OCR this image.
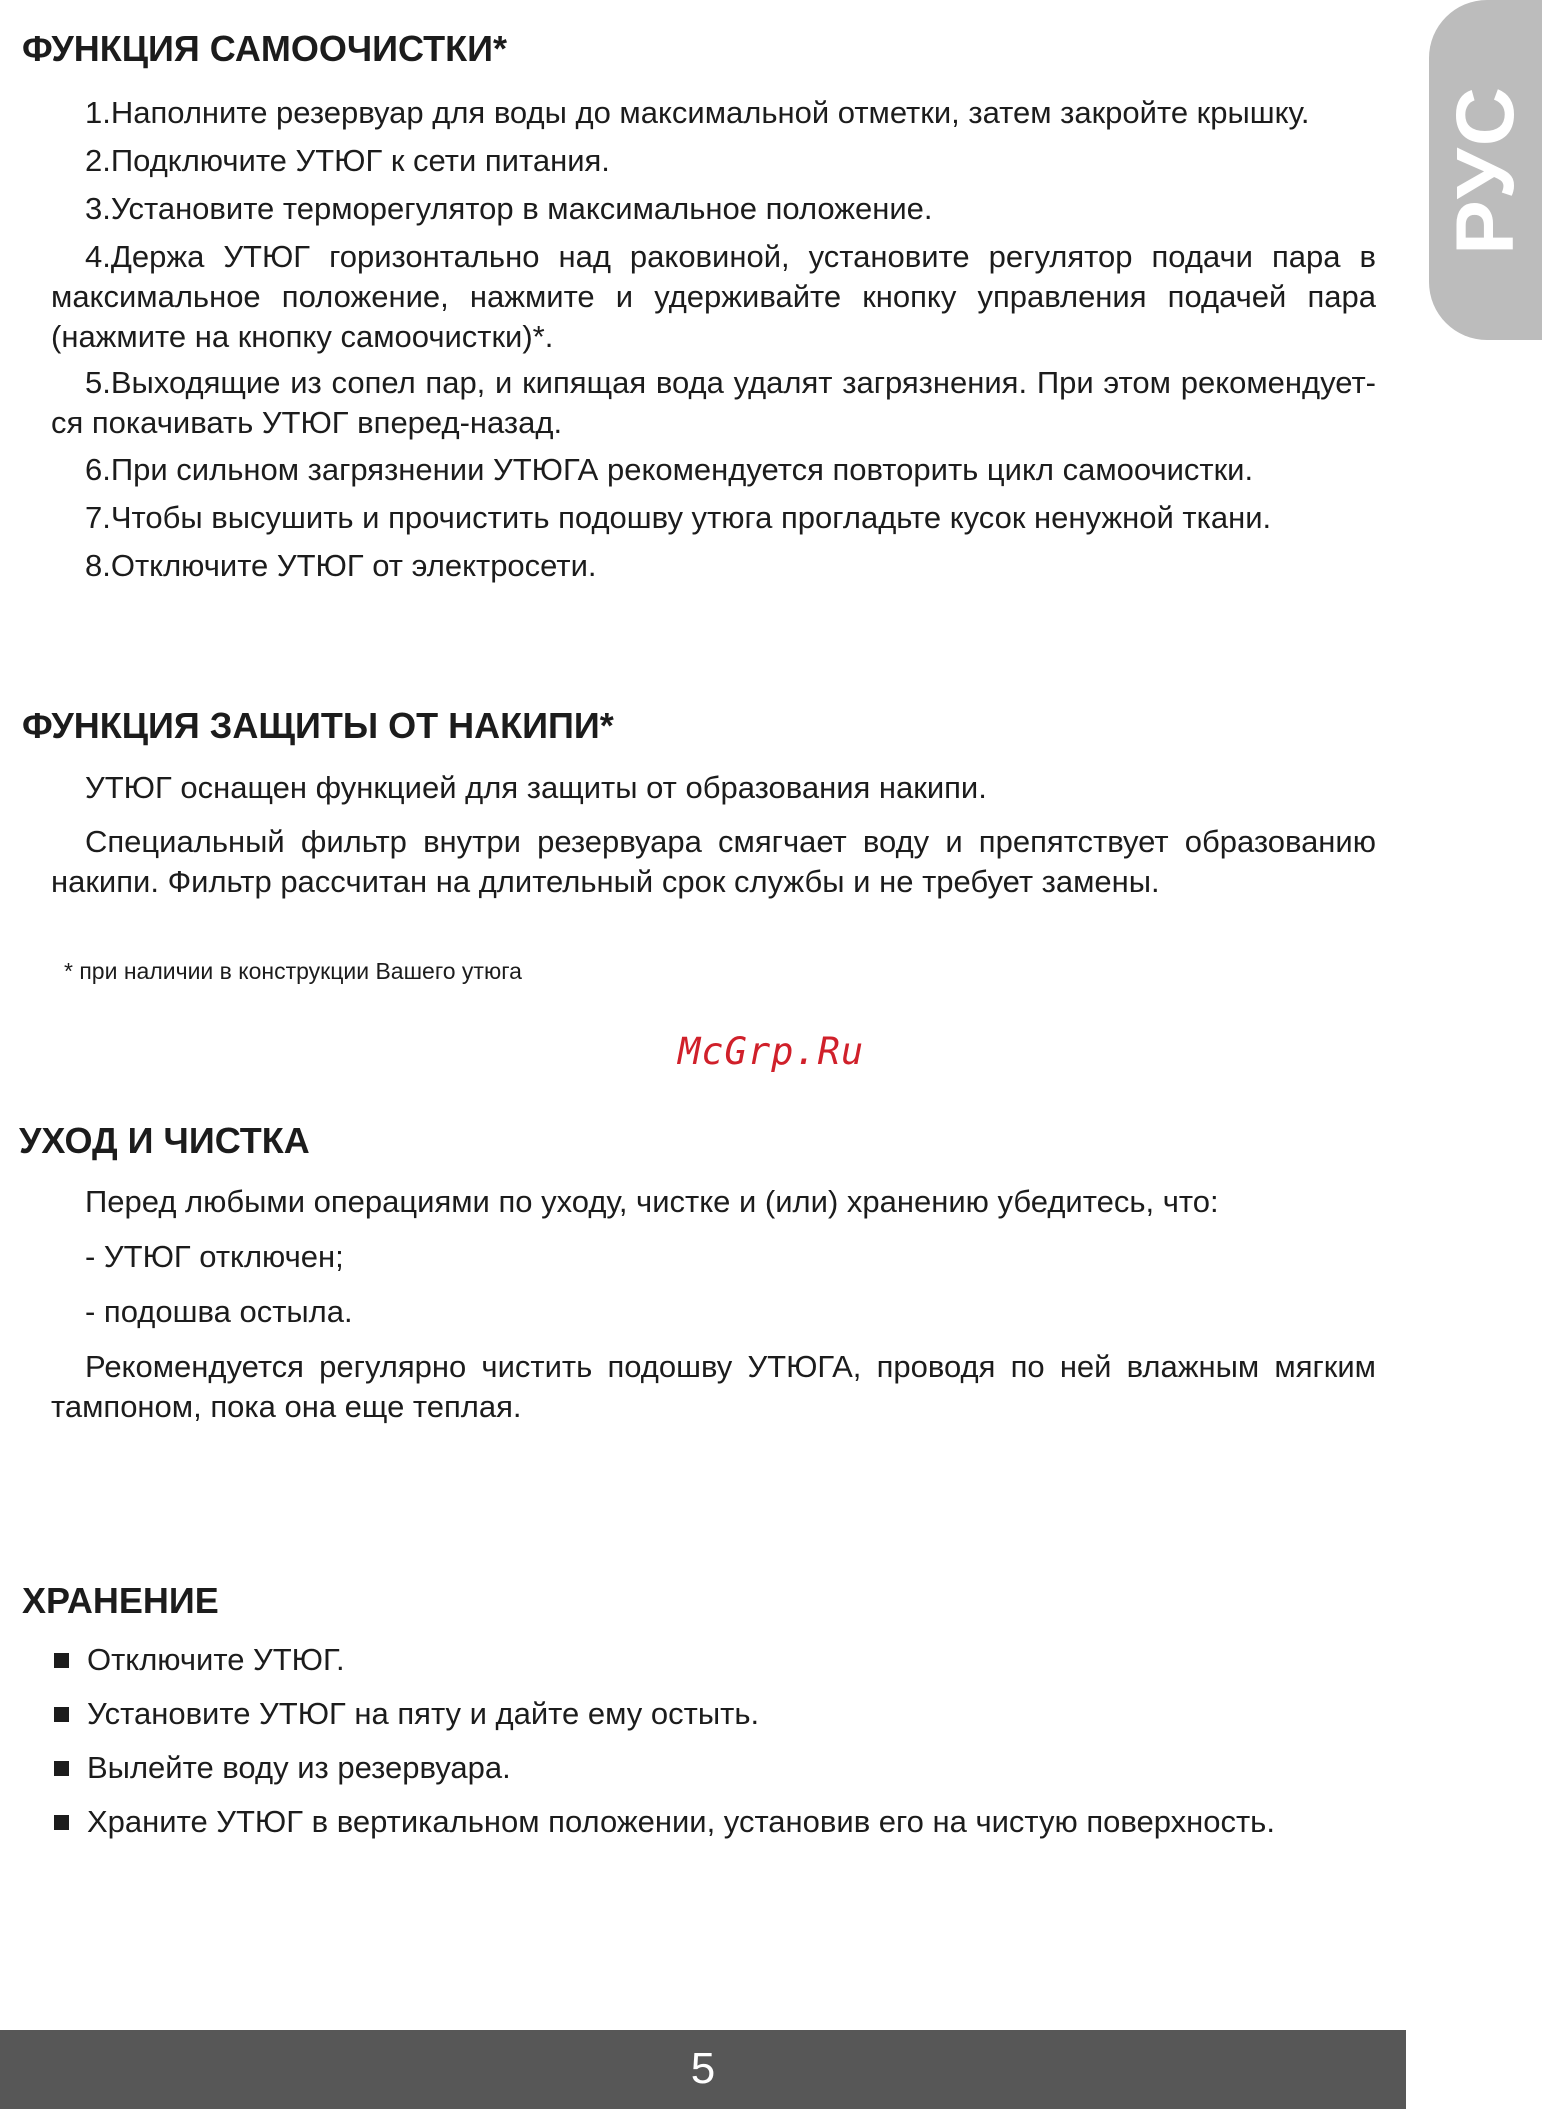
РУС
ФУНКЦИЯ САМООЧИСТКИ*

1.Наполните резервуар для воды до максимальной отметки, затем закройте крышку.

2.Подключите УТЮГ к сети питания.

3.Установите терморегулятор в максимальное положение.

4.Держа УТЮГ горизонтально над раковиной, установите регулятор подачи пара в максимальное положение, нажмите и удерживайте кнопку управления подачей пара (нажмите на кнопку самоочистки)*.

5.Выходящие из сопел пар, и кипящая вода удалят загрязнения. При этом рекомендует-ся покачивать УТЮГ вперед-назад.

6.При сильном загрязнении УТЮГА рекомендуется повторить цикл самоочистки.

7.Чтобы высушить и прочистить подошву утюга прогладьте кусок ненужной ткани.

8.Отключите УТЮГ от электросети.

ФУНКЦИЯ ЗАЩИТЫ ОТ НАКИПИ*

УТЮГ оснащен функцией для защиты от образования накипи.

Специальный фильтр внутри резервуара смягчает воду и препятствует образованию накипи. Фильтр рассчитан на длительный срок службы и не требует замены.

* при наличии в конструкции Вашего утюга

McGrp.Ru

УХОД И ЧИСТКА

Перед любыми операциями по уходу, чистке и (или) хранению убедитесь, что:

- УТЮГ отключен;

- подошва остыла.

Рекомендуется регулярно чистить подошву УТЮГА, проводя по ней влажным мягким тампоном, пока она еще теплая.

ХРАНЕНИЕ
Отключите УТЮГ.
Установите УТЮГ на пяту и дайте ему остыть.
Вылейте воду из резервуара.
Храните УТЮГ в вертикальном положении, установив его на чистую поверхность.
5
